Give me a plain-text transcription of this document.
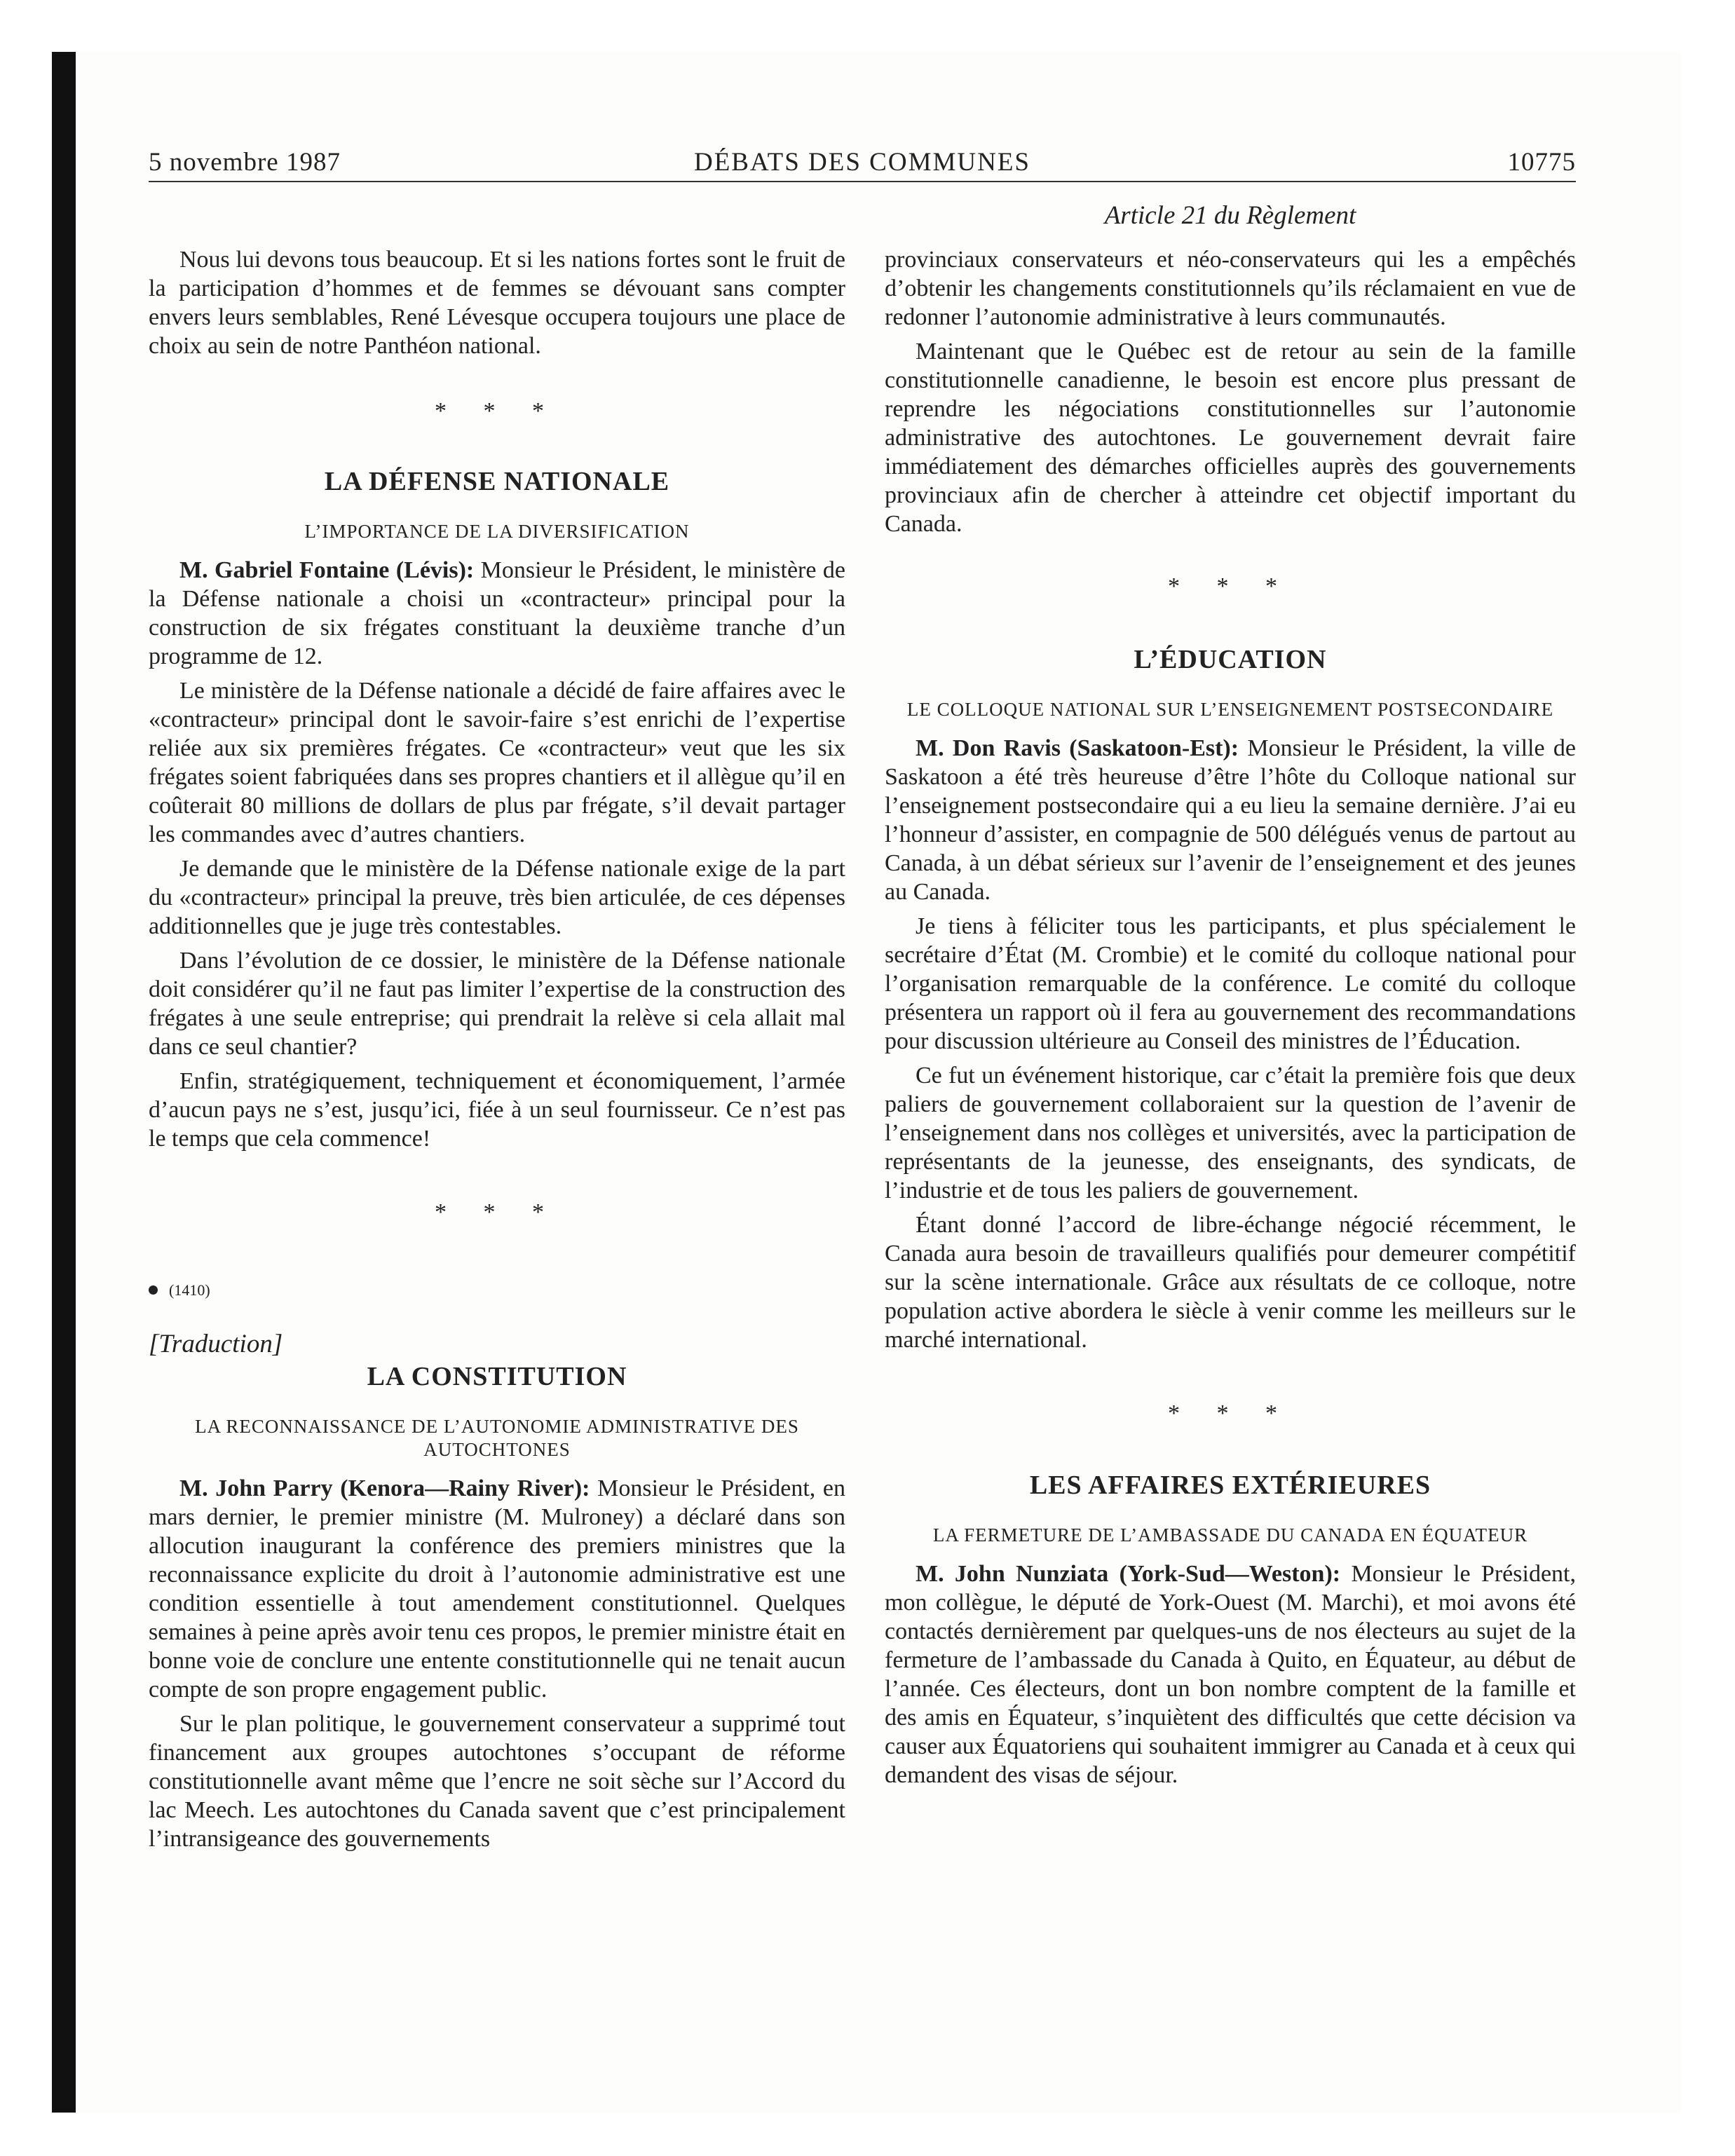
5 novembre 1987	DÉBATS DES COMMUNES	10775
Article 21 du Règlement

Nous lui devons tous beaucoup. Et si les nations fortes sont le fruit de la participation d’hommes et de femmes se dévouant sans compter envers leurs semblables, René Lévesque occupera toujours une place de choix au sein de notre Panthéon national.

* * *
LA DÉFENSE NATIONALE
L’IMPORTANCE DE LA DIVERSIFICATION

M. Gabriel Fontaine (Lévis): Monsieur le Président, le ministère de la Défense nationale a choisi un «contracteur» principal pour la construction de six frégates constituant la deuxième tranche d’un programme de 12.

Le ministère de la Défense nationale a décidé de faire affaires avec le «contracteur» principal dont le savoir-faire s’est enrichi de l’expertise reliée aux six premières frégates. Ce «contracteur» veut que les six frégates soient fabriquées dans ses propres chantiers et il allègue qu’il en coûterait 80 millions de dollars de plus par frégate, s’il devait partager les commandes avec d’autres chantiers.

Je demande que le ministère de la Défense nationale exige de la part du «contracteur» principal la preuve, très bien articulée, de ces dépenses additionnelles que je juge très contestables.

Dans l’évolution de ce dossier, le ministère de la Défense nationale doit considérer qu’il ne faut pas limiter l’expertise de la construction des frégates à une seule entreprise; qui prendrait la relève si cela allait mal dans ce seul chantier?

Enfin, stratégiquement, techniquement et économiquement, l’armée d’aucun pays ne s’est, jusqu’ici, fiée à un seul fournisseur. Ce n’est pas le temps que cela commence!

* * *
(1410)
[Traduction]
LA CONSTITUTION
LA RECONNAISSANCE DE L’AUTONOMIE ADMINISTRATIVE DES AUTOCHTONES

M. John Parry (Kenora—Rainy River): Monsieur le Président, en mars dernier, le premier ministre (M. Mulroney) a déclaré dans son allocution inaugurant la conférence des premiers ministres que la reconnaissance explicite du droit à l’autonomie administrative est une condition essentielle à tout amendement constitutionnel. Quelques semaines à peine après avoir tenu ces propos, le premier ministre était en bonne voie de conclure une entente constitutionnelle qui ne tenait aucun compte de son propre engagement public.

Sur le plan politique, le gouvernement conservateur a supprimé tout financement aux groupes autochtones s’occupant de réforme constitutionnelle avant même que l’encre ne soit sèche sur l’Accord du lac Meech. Les autochtones du Canada savent que c’est principalement l’intransigeance des gouvernements

provinciaux conservateurs et néo-conservateurs qui les a empêchés d’obtenir les changements constitutionnels qu’ils réclamaient en vue de redonner l’autonomie administrative à leurs communautés.

Maintenant que le Québec est de retour au sein de la famille constitutionnelle canadienne, le besoin est encore plus pressant de reprendre les négociations constitutionnelles sur l’autonomie administrative des autochtones. Le gouvernement devrait faire immédiatement des démarches officielles auprès des gouvernements provinciaux afin de chercher à atteindre cet objectif important du Canada.

* * *
L’ÉDUCATION
LE COLLOQUE NATIONAL SUR L’ENSEIGNEMENT POSTSECONDAIRE

M. Don Ravis (Saskatoon-Est): Monsieur le Président, la ville de Saskatoon a été très heureuse d’être l’hôte du Colloque national sur l’enseignement postsecondaire qui a eu lieu la semaine dernière. J’ai eu l’honneur d’assister, en compagnie de 500 délégués venus de partout au Canada, à un débat sérieux sur l’avenir de l’enseignement et des jeunes au Canada.

Je tiens à féliciter tous les participants, et plus spécialement le secrétaire d’État (M. Crombie) et le comité du colloque national pour l’organisation remarquable de la conférence. Le comité du colloque présentera un rapport où il fera au gouvernement des recommandations pour discussion ultérieure au Conseil des ministres de l’Éducation.

Ce fut un événement historique, car c’était la première fois que deux paliers de gouvernement collaboraient sur la question de l’avenir de l’enseignement dans nos collèges et universités, avec la participation de représentants de la jeunesse, des enseignants, des syndicats, de l’industrie et de tous les paliers de gouvernement.

Étant donné l’accord de libre-échange négocié récemment, le Canada aura besoin de travailleurs qualifiés pour demeurer compétitif sur la scène internationale. Grâce aux résultats de ce colloque, notre population active abordera le siècle à venir comme les meilleurs sur le marché international.

* * *
LES AFFAIRES EXTÉRIEURES
LA FERMETURE DE L’AMBASSADE DU CANADA EN ÉQUATEUR

M. John Nunziata (York-Sud—Weston): Monsieur le Président, mon collègue, le député de York-Ouest (M. Marchi), et moi avons été contactés dernièrement par quelques-uns de nos électeurs au sujet de la fermeture de l’ambassade du Canada à Quito, en Équateur, au début de l’année. Ces électeurs, dont un bon nombre comptent de la famille et des amis en Équateur, s’inquiètent des difficultés que cette décision va causer aux Équatoriens qui souhaitent immigrer au Canada et à ceux qui demandent des visas de séjour.
